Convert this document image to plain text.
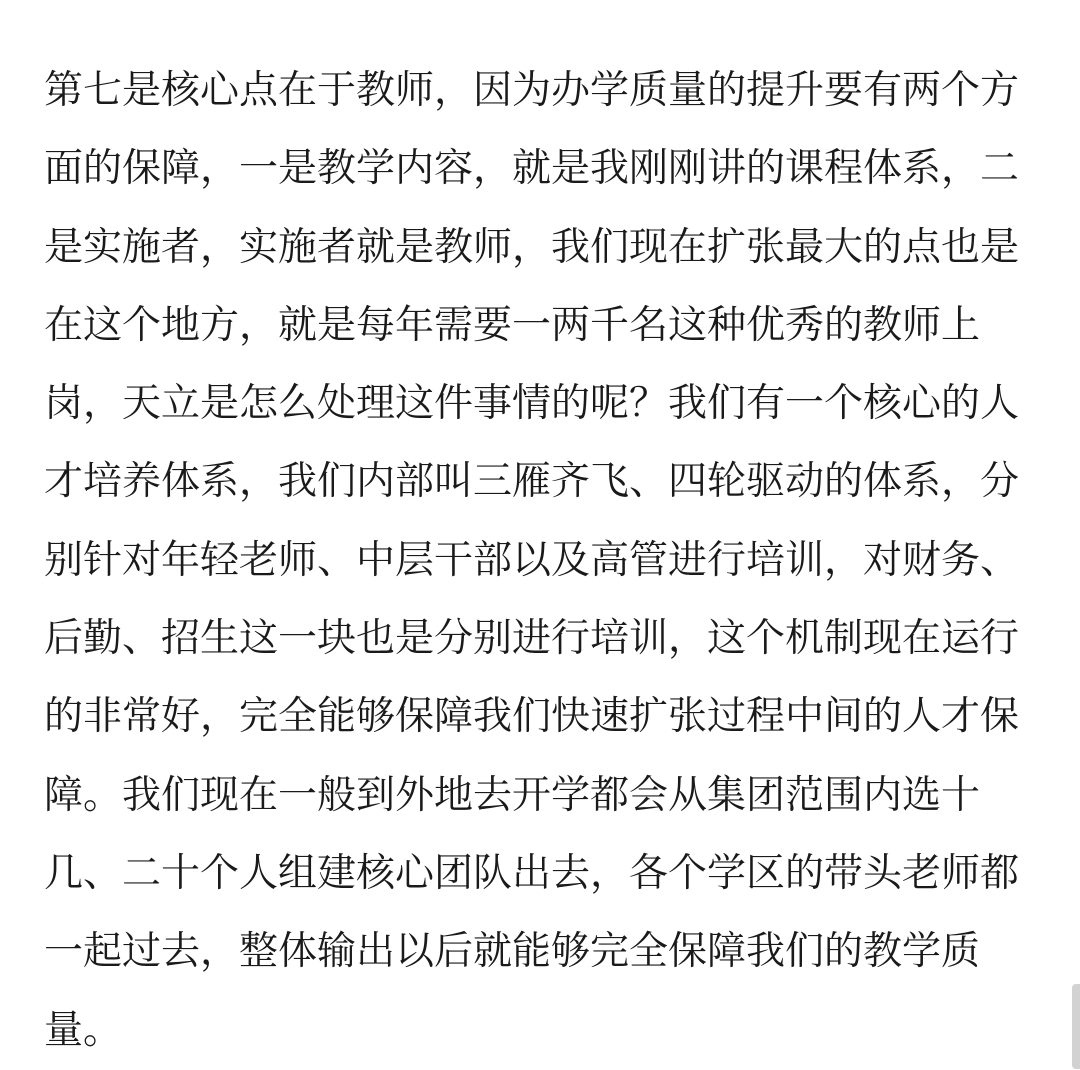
第七是核心点在于教师，因为办学质量的提升要有两个方
面的保障，一是教学内容，就是我刚刚讲的课程体系，二
是实施者，实施者就是教师，我们现在扩张最大的点也是
在这个地方，就是每年需要一两千名这种优秀的教师上
岗，天立是怎么处理这件事情的呢？我们有一个核心的人
才培养体系，我们内部叫三雁齐飞、四轮驱动的体系，分
别针对年轻老师、中层干部以及高管进行培训，对财务、
后勤、招生这一块也是分别进行培训，这个机制现在运行
的非常好，完全能够保障我们快速扩张过程中间的人才保
障。我们现在一般到外地去开学都会从集团范围内选十
几、二十个人组建核心团队出去，各个学区的带头老师都
一起过去，整体输出以后就能够完全保障我们的教学质
量。
